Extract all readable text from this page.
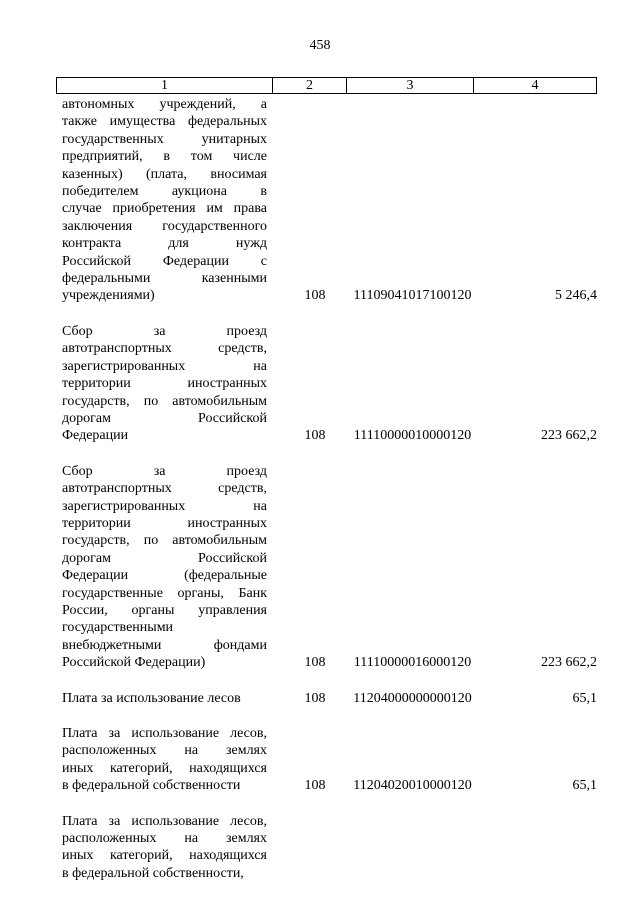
458
1	2	3	4
автономных учреждений, а
также имущества федеральных
государственных унитарных
предприятий, в том числе
казенных) (плата, вносимая
победителем аукциона в
случае приобретения им права
заключения государственного
контракта для нужд
Российской Федерации с
федеральными казенными
учреждениями)	108	11109041017100120	5 246,4
Сбор за проезд
автотранспортных средств,
зарегистрированных на
территории иностранных
государств, по автомобильным
дорогам Российской
Федерации	108	11110000010000120	223 662,2
Сбор за проезд
автотранспортных средств,
зарегистрированных на
территории иностранных
государств, по автомобильным
дорогам Российской
Федерации (федеральные
государственные органы, Банк
России, органы управления
государственными
внебюджетными фондами
Российской Федерации)	108	11110000016000120	223 662,2
Плата за использование лесов	108	11204000000000120	65,1
Плата за использование лесов,
расположенных на землях
иных категорий, находящихся
в федеральной собственности	108	11204020010000120	65,1
Плата за использование лесов,
расположенных на землях
иных категорий, находящихся
в федеральной собственности,
